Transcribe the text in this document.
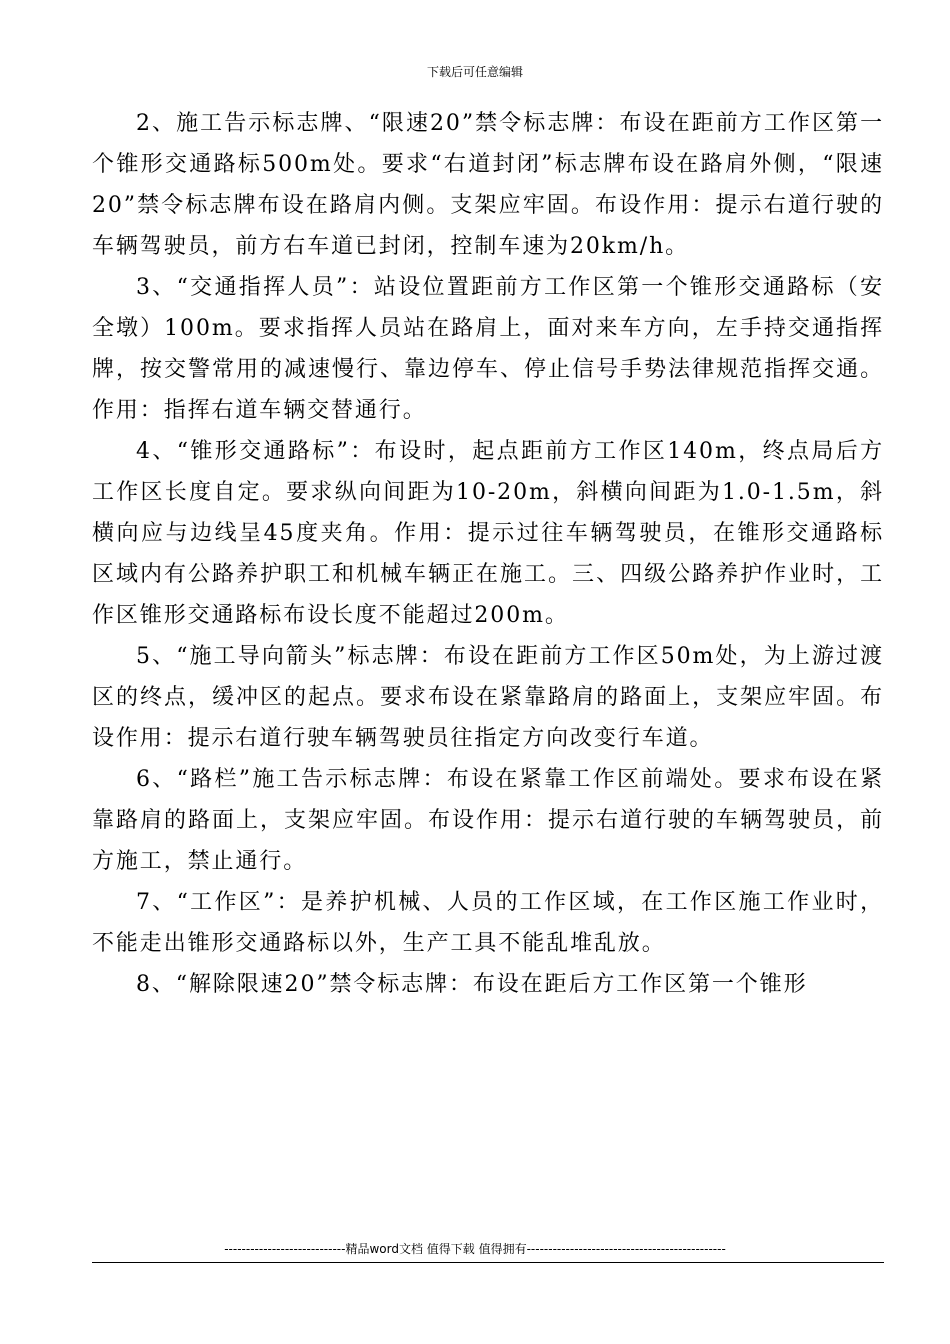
下载后可任意编辑

2、施工告示标志牌、“限速20”禁令标志牌：布设在距前方工作区第一个锥形交通路标500m处。要求“右道封闭”标志牌布设在路肩外侧，“限速20”禁令标志牌布设在路肩内侧。支架应牢固。布设作用：提示右道行驶的车辆驾驶员，前方右车道已封闭，控制车速为20km/h。

3、“交通指挥人员”：站设位置距前方工作区第一个锥形交通路标（安全墩）100m。要求指挥人员站在路肩上，面对来车方向，左手持交通指挥牌，按交警常用的减速慢行、靠边停车、停止信号手势法律规范指挥交通。作用：指挥右道车辆交替通行。

4、“锥形交通路标”：布设时，起点距前方工作区140m，终点局后方工作区长度自定。要求纵向间距为10-20m，斜横向间距为1.0-1.5m，斜横向应与边线呈45度夹角。作用：提示过往车辆驾驶员，在锥形交通路标区域内有公路养护职工和机械车辆正在施工。三、四级公路养护作业时，工作区锥形交通路标布设长度不能超过200m。

5、“施工导向箭头”标志牌：布设在距前方工作区50m处，为上游过渡区的终点，缓冲区的起点。要求布设在紧靠路肩的路面上，支架应牢固。布设作用：提示右道行驶车辆驾驶员往指定方向改变行车道。

6、“路栏”施工告示标志牌：布设在紧靠工作区前端处。要求布设在紧靠路肩的路面上，支架应牢固。布设作用：提示右道行驶的车辆驾驶员，前方施工，禁止通行。

7、“工作区”：是养护机械、人员的工作区域，在工作区施工作业时，不能走出锥形交通路标以外，生产工具不能乱堆乱放。

8、“解除限速20”禁令标志牌：布设在距后方工作区第一个锥形

----------------------------精品word文档 值得下载 值得拥有----------------------------------------------
